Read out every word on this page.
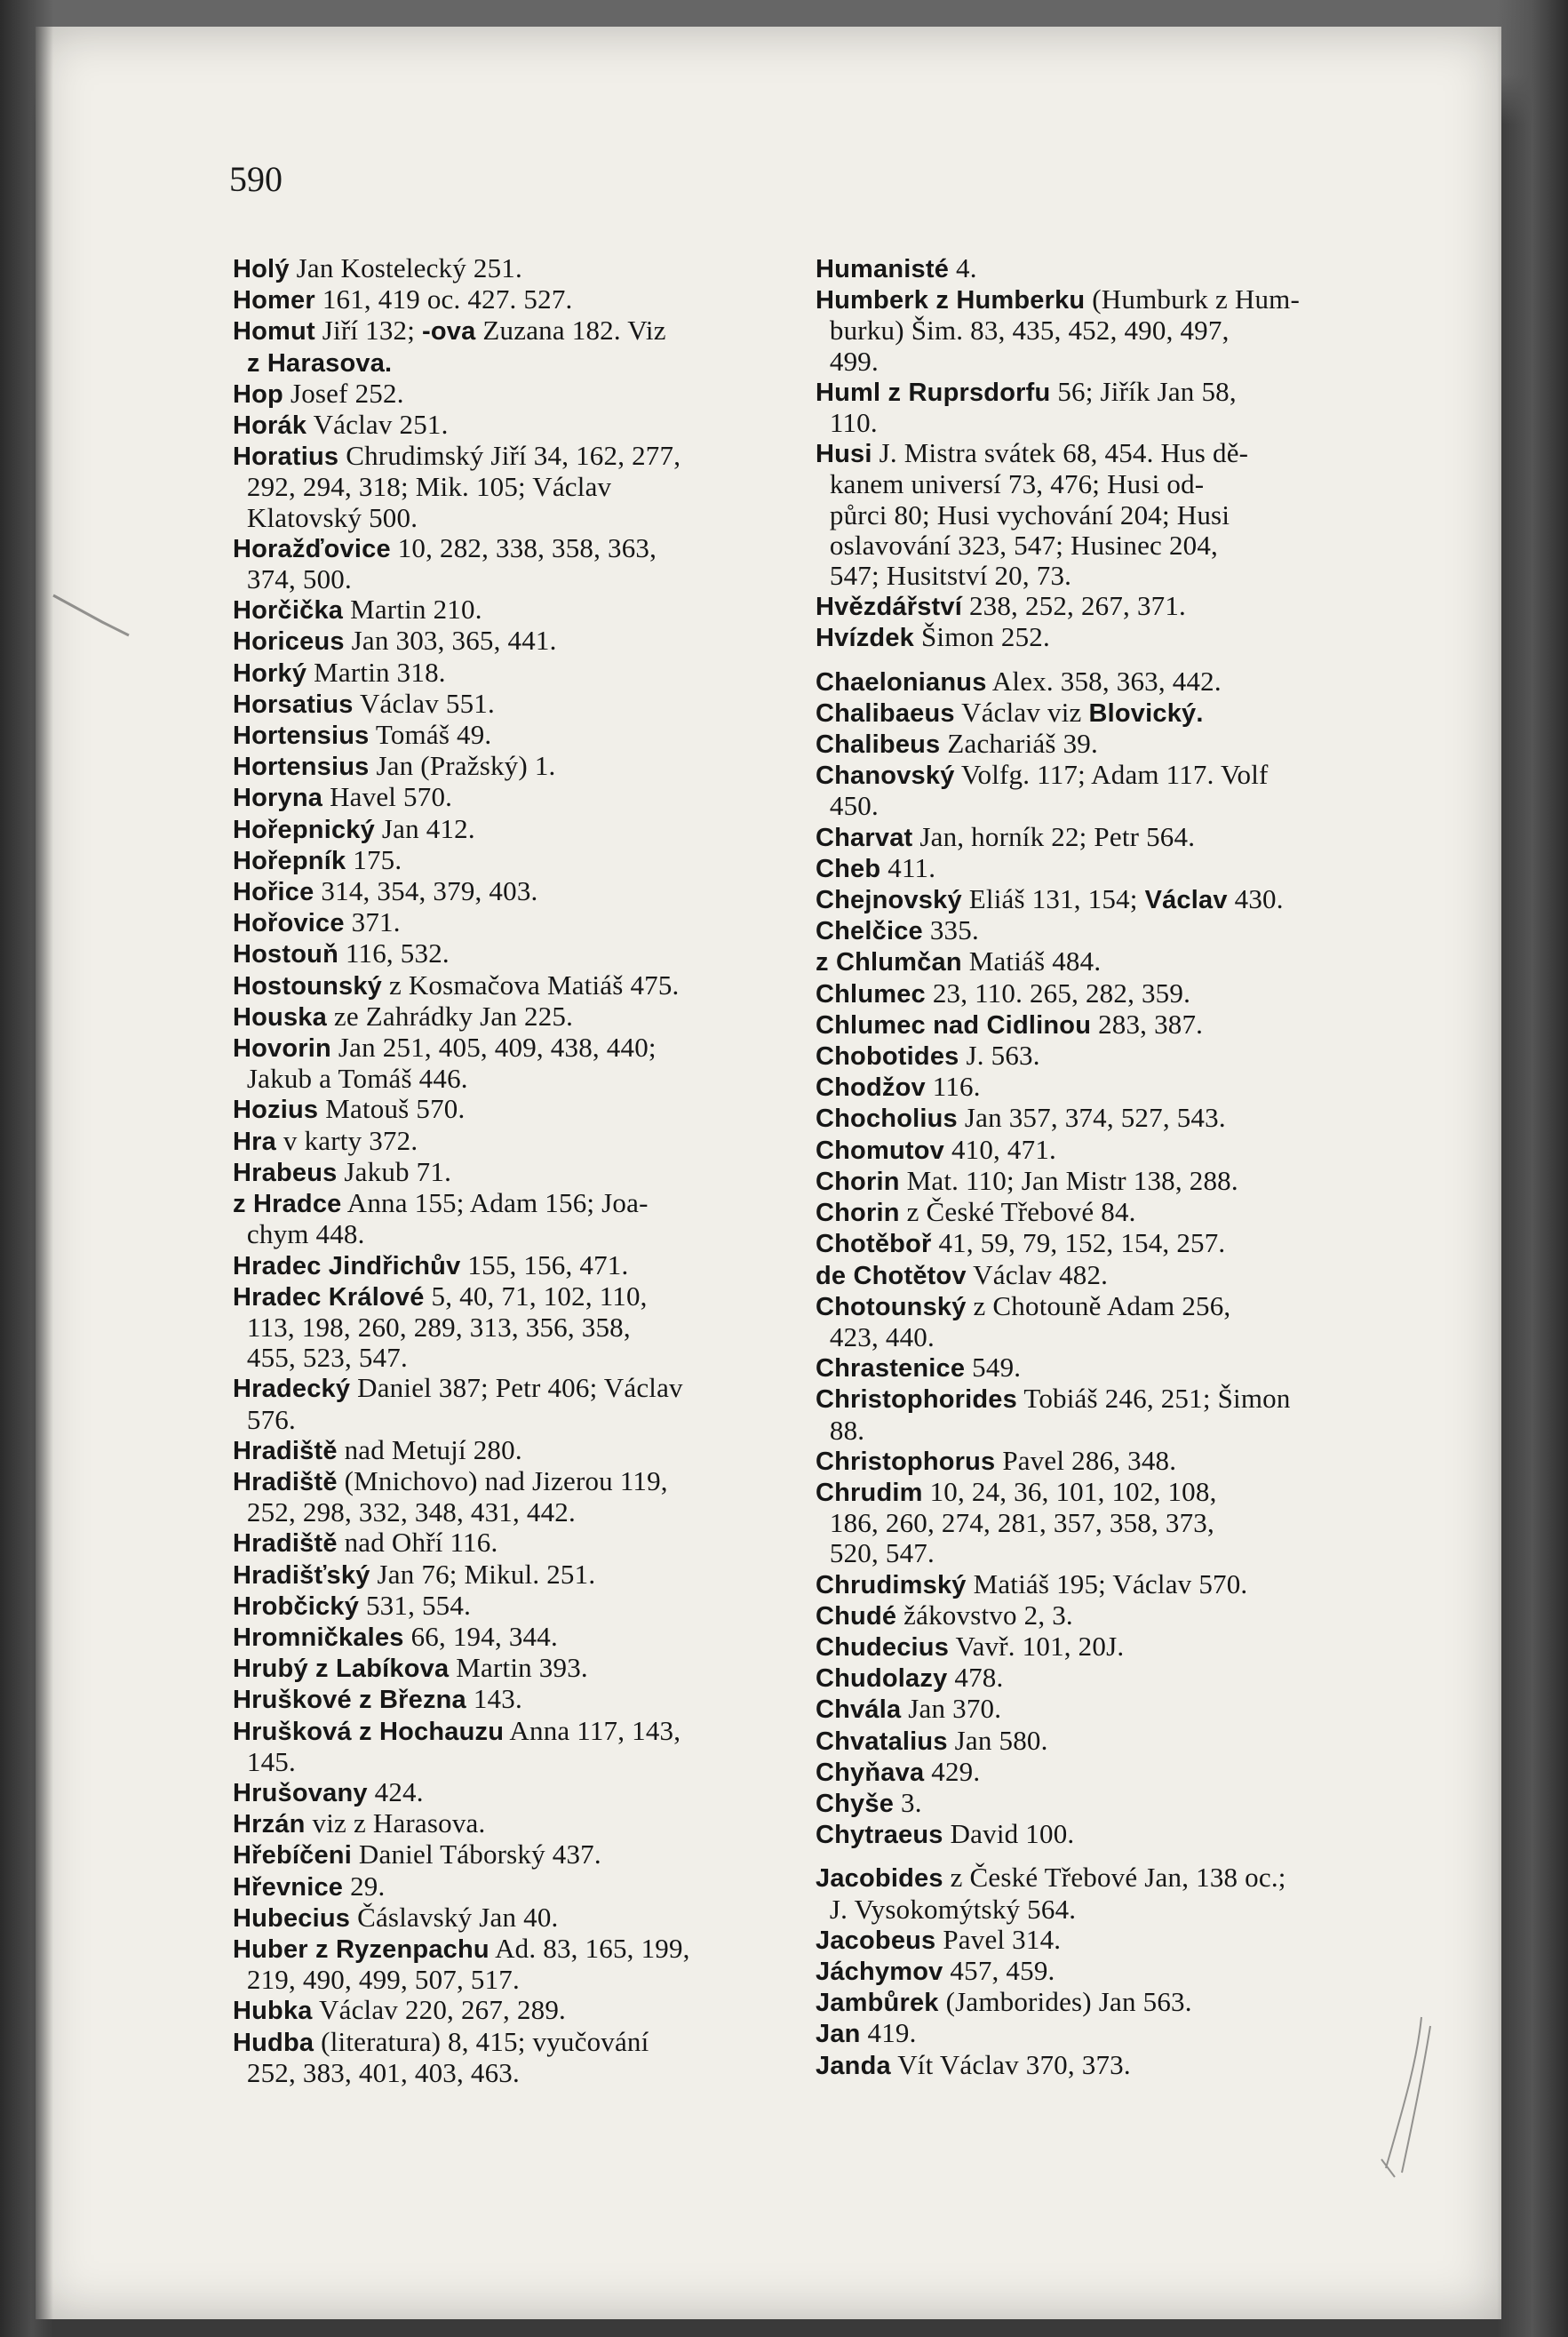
590
Holý Jan Kostelecký 251.
Homer 161, 419 oc. 427. 527.
Homut Jiří 132; -ova Zuzana 182. Viz
z Harasova.
Hop Josef 252.
Horák Václav 251.
Horatius Chrudimský Jiří 34, 162, 277,
292, 294, 318; Mik. 105; Václav
Klatovský 500.
Horažďovice 10, 282, 338, 358, 363,
374, 500.
Horčička Martin 210.
Horiceus Jan 303, 365, 441.
Horký Martin 318.
Horsatius Václav 551.
Hortensius Tomáš 49.
Hortensius Jan (Pražský) 1.
Horyna Havel 570.
Hořepnický Jan 412.
Hořepník 175.
Hořice 314, 354, 379, 403.
Hořovice 371.
Hostouň 116, 532.
Hostounský z Kosmačova Matiáš 475.
Houska ze Zahrádky Jan 225.
Hovorin Jan 251, 405, 409, 438, 440;
Jakub a Tomáš 446.
Hozius Matouš 570.
Hra v karty 372.
Hrabeus Jakub 71.
z Hradce Anna 155; Adam 156; Joa-
chym 448.
Hradec Jindřichův 155, 156, 471.
Hradec Králové 5, 40, 71, 102, 110,
113, 198, 260, 289, 313, 356, 358,
455, 523, 547.
Hradecký Daniel 387; Petr 406; Václav
576.
Hradiště nad Metují 280.
Hradiště (Mnichovo) nad Jizerou 119,
252, 298, 332, 348, 431, 442.
Hradiště nad Ohří 116.
Hradišťský Jan 76; Mikul. 251.
Hrobčický 531, 554.
Hromničkales 66, 194, 344.
Hrubý z Labíkova Martin 393.
Hruškové z Března 143.
Hrušková z Hochauzu Anna 117, 143,
145.
Hrušovany 424.
Hrzán viz z Harasova.
Hřebíčeni Daniel Táborský 437.
Hřevnice 29.
Hubecius Čáslavský Jan 40.
Huber z Ryzenpachu Ad. 83, 165, 199,
219, 490, 499, 507, 517.
Hubka Václav 220, 267, 289.
Hudba (literatura) 8, 415; vyučování
252, 383, 401, 403, 463.
Humanisté 4.
Humberk z Humberku (Humburk z Hum-
burku) Šim. 83, 435, 452, 490, 497,
499.
Huml z Ruprsdorfu 56; Jiřík Jan 58,
110.
Husi J. Mistra svátek 68, 454. Hus dě-
kanem universí 73, 476; Husi od-
půrci 80; Husi vychování 204; Husi
oslavování 323, 547; Husinec 204,
547; Husitství 20, 73.
Hvězdářství 238, 252, 267, 371.
Hvízdek Šimon 252.
Chaelonianus Alex. 358, 363, 442.
Chalibaeus Václav viz Blovický.
Chalibeus Zachariáš 39.
Chanovský Volfg. 117; Adam 117. Volf
450.
Charvat Jan, horník 22; Petr 564.
Cheb 411.
Chejnovský Eliáš 131, 154; Václav 430.
Chelčice 335.
z Chlumčan Matiáš 484.
Chlumec 23, 110. 265, 282, 359.
Chlumec nad Cidlinou 283, 387.
Chobotides J. 563.
Chodžov 116.
Chocholius Jan 357, 374, 527, 543.
Chomutov 410, 471.
Chorin Mat. 110; Jan Mistr 138, 288.
Chorin z České Třebové 84.
Chotěboř 41, 59, 79, 152, 154, 257.
de Chotětov Václav 482.
Chotounský z Chotouně Adam 256,
423, 440.
Chrastenice 549.
Christophorides Tobiáš 246, 251; Šimon
88.
Christophorus Pavel 286, 348.
Chrudim 10, 24, 36, 101, 102, 108,
186, 260, 274, 281, 357, 358, 373,
520, 547.
Chrudimský Matiáš 195; Václav 570.
Chudé žákovstvo 2, 3.
Chudecius Vavř. 101, 20J.
Chudolazy 478.
Chvála Jan 370.
Chvatalius Jan 580.
Chyňava 429.
Chyše 3.
Chytraeus David 100.
Jacobides z České Třebové Jan, 138 oc.;
J. Vysokomýtský 564.
Jacobeus Pavel 314.
Jáchymov 457, 459.
Jambůrek (Jamborides) Jan 563.
Jan 419.
Janda Vít Václav 370, 373.
